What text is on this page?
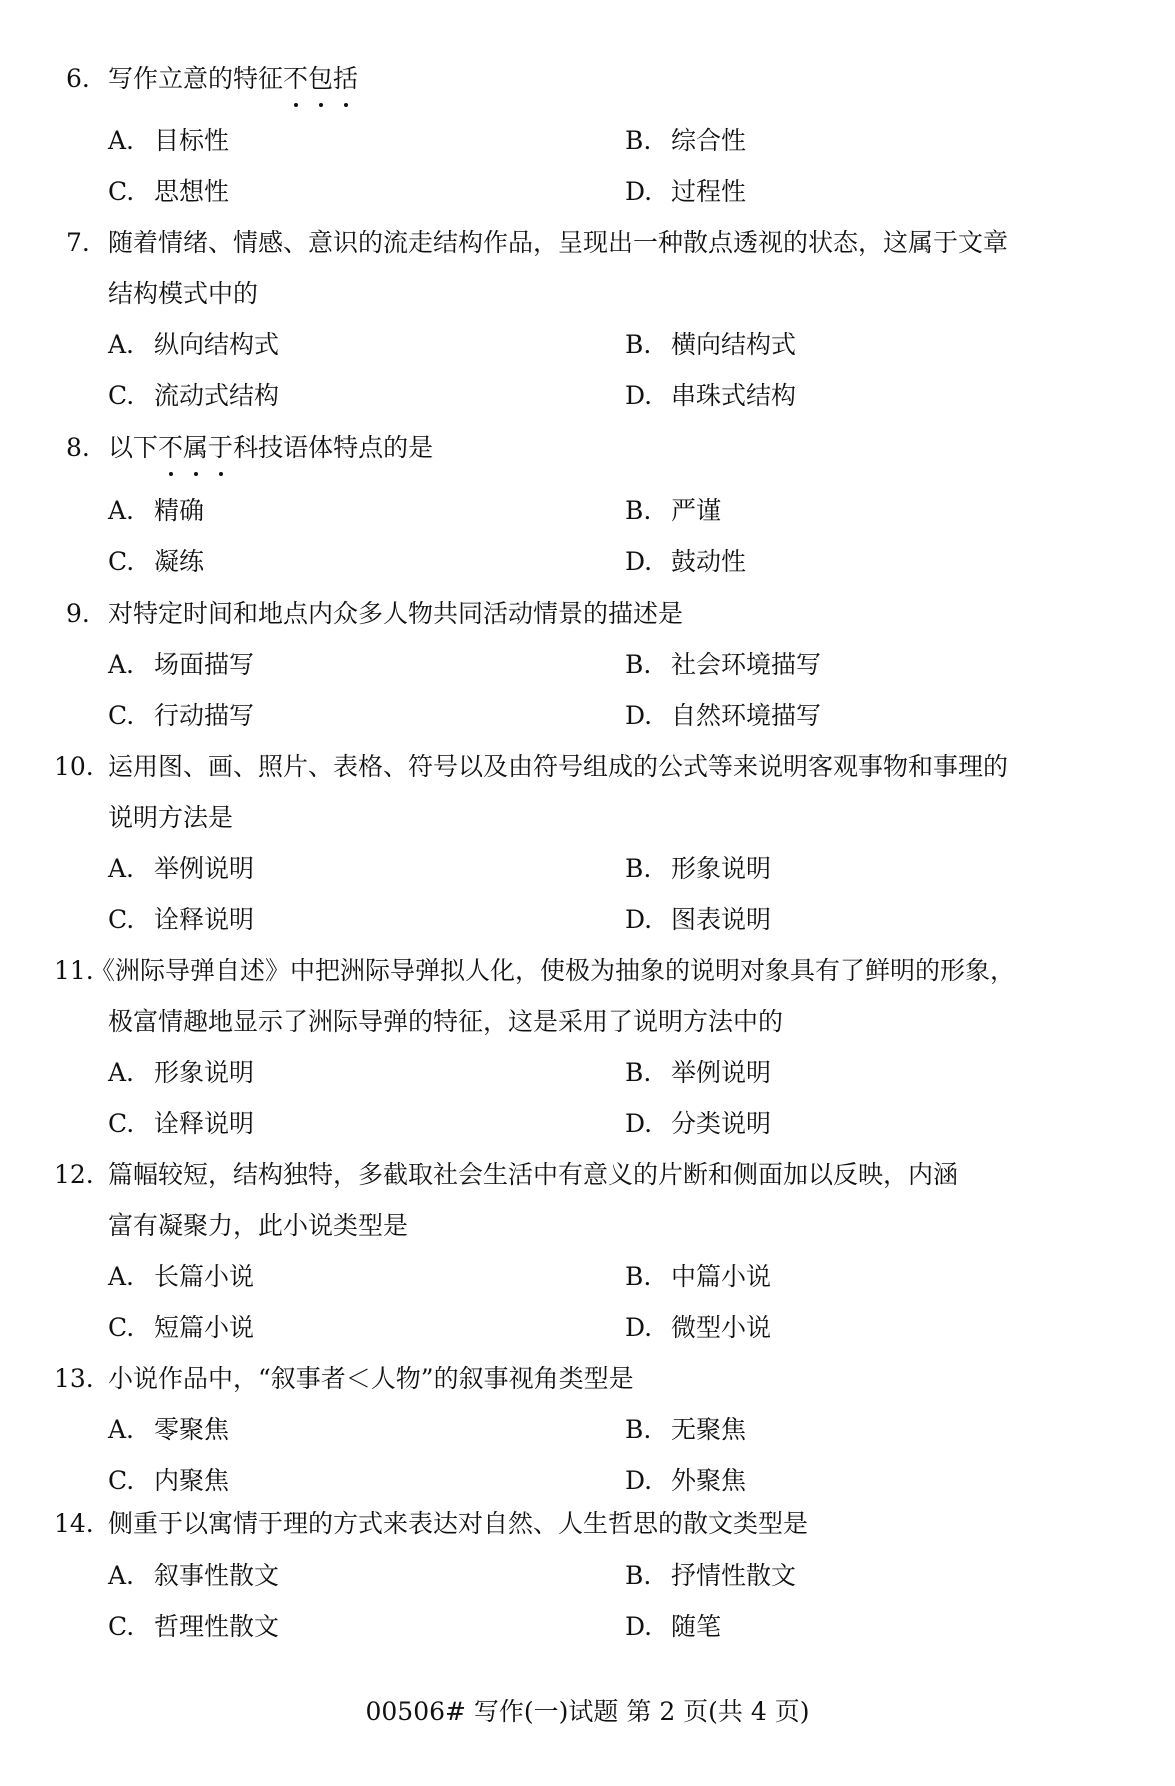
6. 写作立意的特征不包括
A. 目标性	B. 综合性
C. 思想性	D. 过程性
7. 随着情绪、情感、意识的流走结构作品，呈现出一种散点透视的状态，这属于文章
结构模式中的
A. 纵向结构式	B. 横向结构式
C. 流动式结构	D. 串珠式结构
8. 以下不属于科技语体特点的是
A. 精确	B. 严谨
C. 凝练	D. 鼓动性
9. 对特定时间和地点内众多人物共同活动情景的描述是
A. 场面描写	B. 社会环境描写
C. 行动描写	D. 自然环境描写
10. 运用图、画、照片、表格、符号以及由符号组成的公式等来说明客观事物和事理的
说明方法是
A. 举例说明	B. 形象说明
C. 诠释说明	D. 图表说明
11.
《洲际导弹自述》中把洲际导弹拟人化，使极为抽象的说明对象具有了鲜明的形象，
极富情趣地显示了洲际导弹的特征，这是采用了说明方法中的
A. 形象说明	B. 举例说明
C. 诠释说明	D. 分类说明
12. 篇幅较短，结构独特，多截取社会生活中有意义的片断和侧面加以反映，内涵
富有凝聚力，此小说类型是
A. 长篇小说	B. 中篇小说
C. 短篇小说	D. 微型小说
13. 小说作品中，“叙事者＜人物”的叙事视角类型是
A. 零聚焦	B. 无聚焦
C. 内聚焦	D. 外聚焦
14. 侧重于以寓情于理的方式来表达对自然、人生哲思的散文类型是
A. 叙事性散文	B. 抒情性散文
C. 哲理性散文	D. 随笔
00506# 写作(一)试题 第 2 页(共 4 页)
